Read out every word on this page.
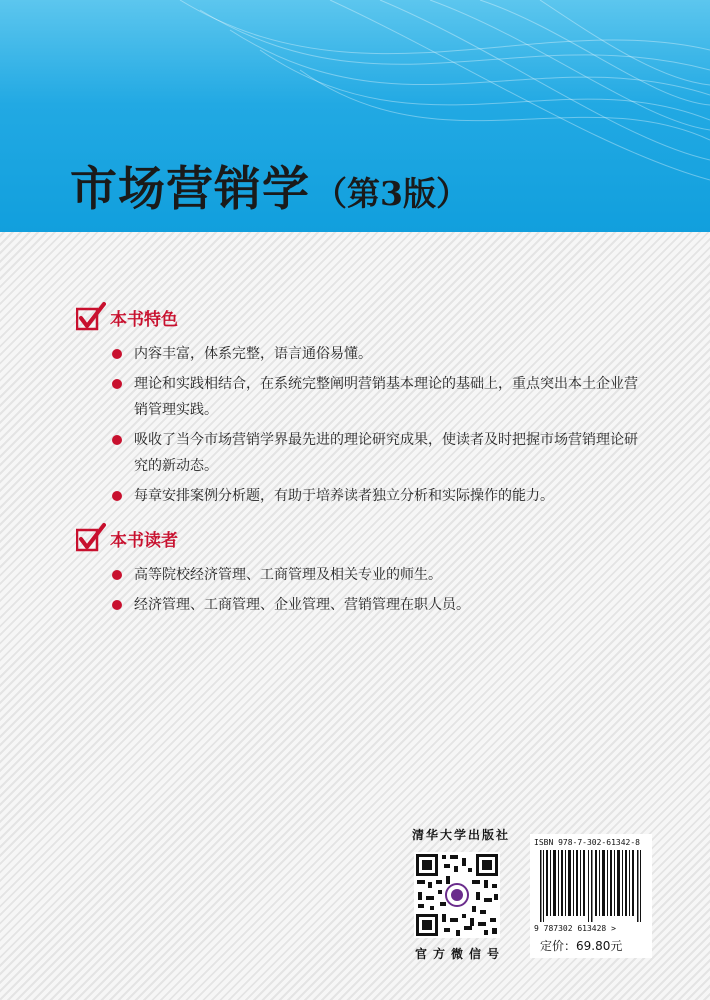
市场营销学 （第3版）
本书特色
内容丰富，体系完整，语言通俗易懂。
理论和实践相结合，在系统完整阐明营销基本理论的基础上，重点突出本土企业营销管理实践。
吸收了当今市场营销学界最先进的理论研究成果，使读者及时把握市场营销理论研究的新动态。
每章安排案例分析题，有助于培养读者独立分析和实际操作的能力。
本书读者
高等院校经济管理、工商管理及相关专业的师生。
经济管理、工商管理、企业管理、营销管理在职人员。
清华大学出版社
官方微信号
ISBN 978-7-302-61342-8
9 787302 613428 >
定价：69.80元
